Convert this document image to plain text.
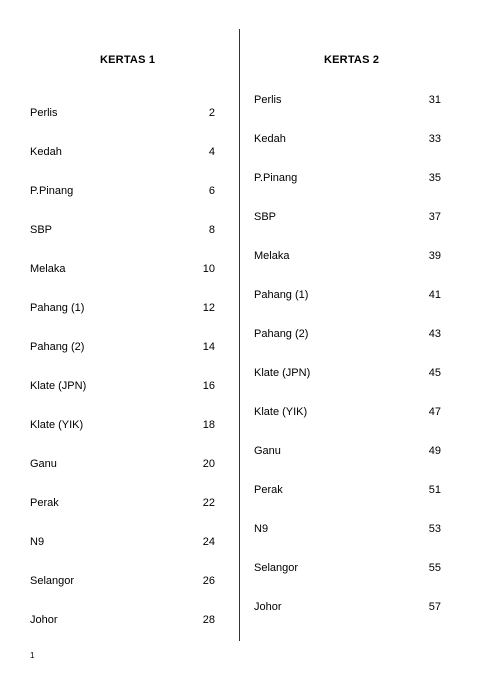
KERTAS 1
Perlis	2
Kedah	4
P.Pinang	6
SBP	8
Melaka	10
Pahang (1)	12
Pahang (2)	14
Klate (JPN)	16
Klate (YIK)	18
Ganu	20
Perak	22
N9	24
Selangor	26
Johor	28
KERTAS 2
Perlis	31
Kedah	33
P.Pinang	35
SBP	37
Melaka	39
Pahang (1)	41
Pahang (2)	43
Klate (JPN)	45
Klate (YIK)	47
Ganu	49
Perak	51
N9	53
Selangor	55
Johor	57
1
